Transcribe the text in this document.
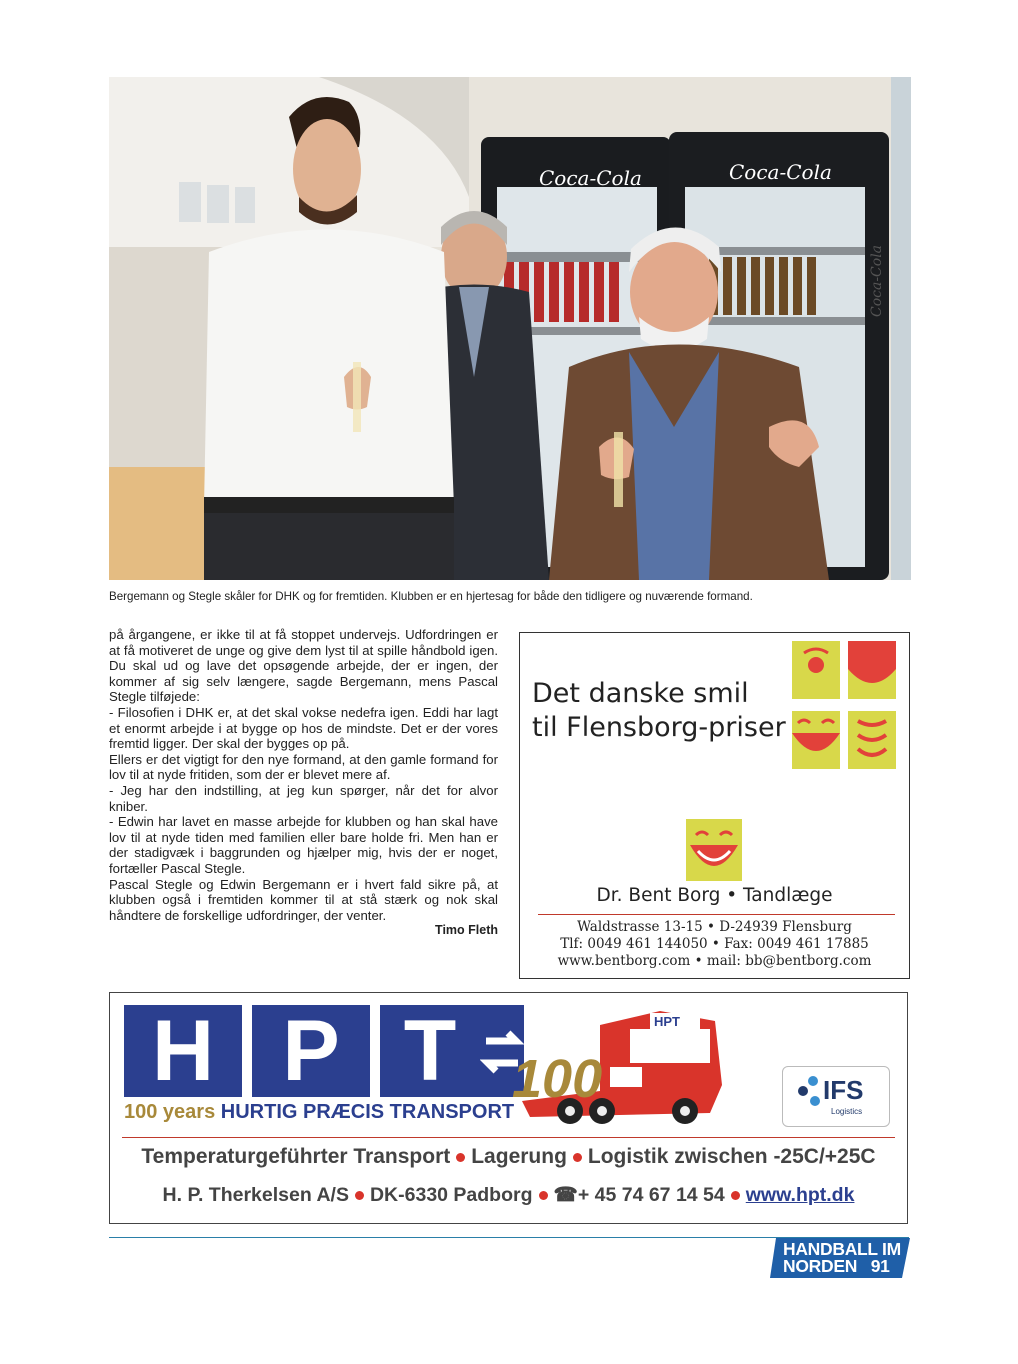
Coca-Cola	Coca-Cola
Coca-Cola
Bergemann og Stegle skåler for DHK og for fremtiden. Klubben er en hjertesag for både den tidligere og nuværende formand.

på årgangene, er ikke til at få stoppet undervejs. Udfordringen er at få motiveret de unge og give dem lyst til at spille håndbold igen. Du skal ud og lave det opsøgende arbejde, der er ingen, der kommer af sig selv længere, sagde Bergemann, mens Pascal Stegle tilføjede:

- Filosofien i DHK er, at det skal vokse nedefra igen. Eddi har lagt et enormt arbejde i at bygge op hos de mindste. Det er der vores fremtid ligger. Der skal der bygges op på.

Ellers er det vigtigt for den nye formand, at den gamle formand for lov til at nyde fritiden, som der er blevet mere af.

- Jeg har den indstilling, at jeg kun spørger, når det for alvor kniber.

- Edwin har lavet en masse arbejde for klubben og han skal have lov til at nyde tiden med familien eller bare holde fri. Men han er der stadigvæk i baggrunden og hjælper mig, hvis der er noget, fortæller Pascal Stegle.

Pascal Stegle og Edwin Bergemann er i hvert fald sikre på, at klubben også i fremtiden kommer til at stå stærk og nok skal håndtere de forskellige udfordringer, der venter.

Timo Fleth

Det danske smil
til Flensborg-priser
Dr. Bent Borg • Tandlæge
Waldstrasse 13-15 • D-24939 Flensburg
Tlf: 0049 461 144050 • Fax: 0049 461 17885
www.bentborg.com • mail: bb@bentborg.com
H P T	HPT
100
100 years HURTIG PRÆCIS TRANSPORT
IFS
Logistics
Temperaturgeführter Transport Lagerung Logistik zwischen -25C/+25C
H. P. Therkelsen A/S DK-6330 Padborg ☎+ 45 74 67 14 54 www.hpt.dk
HANDBALL IM
NORDEN 91
